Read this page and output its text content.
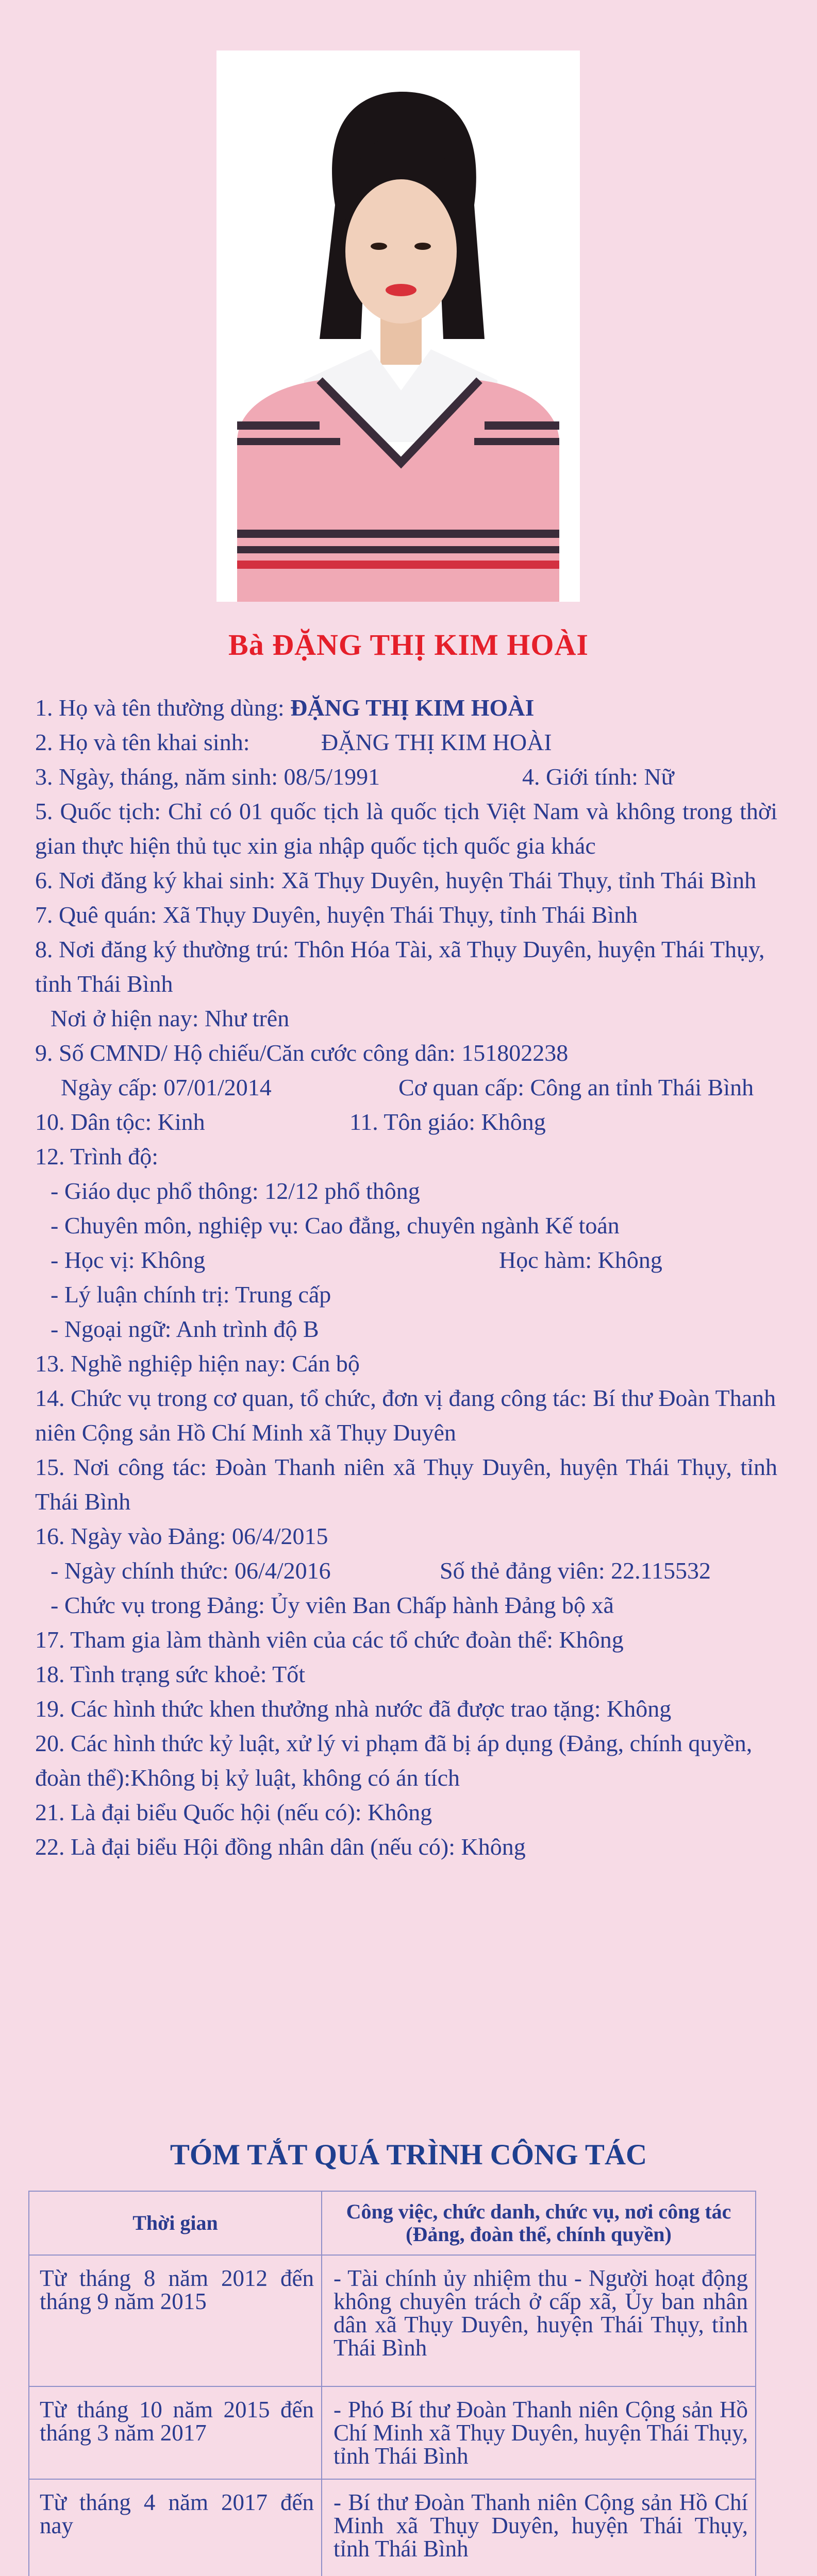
Bà ĐẶNG THỊ KIM HOÀI
1. Họ và tên thường dùng: ĐẶNG THỊ KIM HOÀI
2. Họ và tên khai sinh:	ĐẶNG THỊ KIM HOÀI
3. Ngày, tháng, năm sinh: 08/5/1991	4. Giới tính: Nữ
5. Quốc tịch: Chỉ có 01 quốc tịch là quốc tịch Việt Nam và không trong thời gian thực hiện thủ tục xin gia nhập quốc tịch quốc gia khác
6. Nơi đăng ký khai sinh: Xã Thụy Duyên, huyện Thái Thụy, tỉnh Thái Bình
7. Quê quán: Xã Thụy Duyên, huyện Thái Thụy, tỉnh Thái Bình
8. Nơi đăng ký thường trú: Thôn Hóa Tài, xã Thụy Duyên, huyện Thái Thụy, tỉnh Thái Bình
Nơi ở hiện nay: Như trên
9. Số CMND/ Hộ chiếu/Căn cước công dân: 151802238
Ngày cấp: 07/01/2014	Cơ quan cấp: Công an tỉnh Thái Bình
10. Dân tộc: Kinh	11. Tôn giáo: Không
12. Trình độ:
- Giáo dục phổ thông: 12/12 phổ thông
- Chuyên môn, nghiệp vụ: Cao đẳng, chuyên ngành Kế toán
- Học vị: Không	Học hàm: Không
- Lý luận chính trị: Trung cấp
- Ngoại ngữ: Anh trình độ B
13. Nghề nghiệp hiện nay: Cán bộ
14. Chức vụ trong cơ quan, tổ chức, đơn vị đang công tác: Bí thư Đoàn Thanh niên Cộng sản Hồ Chí Minh xã Thụy Duyên
15. Nơi công tác: Đoàn Thanh niên xã Thụy Duyên, huyện Thái Thụy, tỉnh Thái Bình
16. Ngày vào Đảng: 06/4/2015
- Ngày chính thức: 06/4/2016	Số thẻ đảng viên: 22.115532
- Chức vụ trong Đảng: Ủy viên Ban Chấp hành Đảng bộ xã
17. Tham gia làm thành viên của các tổ chức đoàn thể: Không
18. Tình trạng sức khoẻ: Tốt
19. Các hình thức khen thưởng nhà nước đã được trao tặng: Không
20. Các hình thức kỷ luật, xử lý vi phạm đã bị áp dụng (Đảng, chính quyền, đoàn thể):Không bị kỷ luật, không có án tích
21. Là đại biểu Quốc hội (nếu có): Không
22. Là đại biểu Hội đồng nhân dân (nếu có): Không
TÓM TẮT QUÁ TRÌNH CÔNG TÁC
Thời gian	Công việc, chức danh, chức vụ, nơi công tác
(Đảng, đoàn thể, chính quyền)
Từ tháng 8 năm 2012 đến tháng 9 năm 2015	- Tài chính ủy nhiệm thu - Người hoạt động không chuyên trách ở cấp xã, Ủy ban nhân dân xã Thụy Duyên, huyện Thái Thụy, tỉnh Thái Bình
Từ tháng 10 năm 2015 đến tháng 3 năm 2017	- Phó Bí thư Đoàn Thanh niên Cộng sản Hồ Chí Minh xã Thụy Duyên, huyện Thái Thụy, tỉnh Thái Bình
Từ tháng 4 năm 2017 đến nay	- Bí thư Đoàn Thanh niên Cộng sản Hồ Chí Minh xã Thụy Duyên, huyện Thái Thụy, tỉnh Thái Bình
